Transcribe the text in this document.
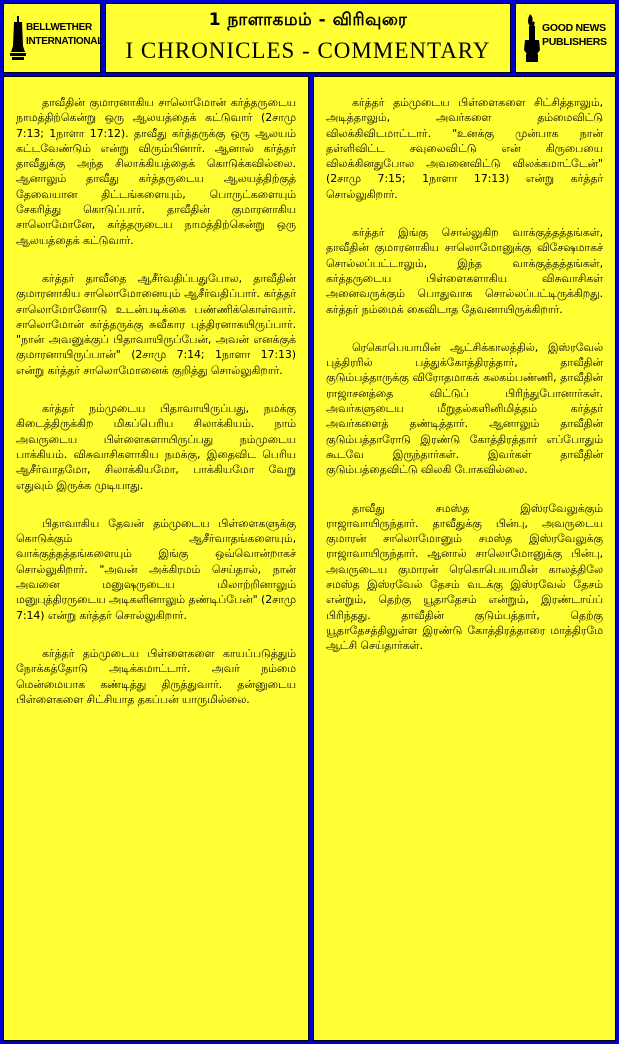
BELLWETHER
INTERNATIONAL
1 நாளாகமம் - விரிவுரை
I CHRONICLES - COMMENTARY
GOOD NEWS
PUBLISHERS

தாவீதின் குமாரனாகிய சாலொமோன் கர்த்தருடைய நாமத்திற்கென்று ஒரு ஆலயத்தைக் கட்டுவார் (2சாமு 7:13; 1நாளா 17:12). தாவீது கர்த்தருக்கு ஒரு ஆலயம் கட்டவேண்டும் என்று விரும்பினார். ஆனால் கர்த்தர் தாவீதுக்கு அந்த சிலாக்கியத்தைக் கொடுக்கவில்லை. ஆனாலும் தாவீது கர்த்தருடைய ஆலயத்திற்குத் தேவையான திட்டங்களையும், பொருட்களையும் சேகரித்து கொடுப்பார். தாவீதின் குமாரனாகிய சாலொமோனே, கர்த்தருடைய நாமத்திற்கென்று ஒரு ஆலயத்தைக் கட்டுவார்.

கர்த்தர் தாவீதை ஆசீர்வதிப்பதுபோல, தாவீதின் குமாரனாகிய சாலொமோனையும் ஆசீர்வதிப்பார். கர்த்தர் சாலொமோனோடு உடன்படிக்கை பண்ணிக்கொள்வார். சாலொமோன் கர்த்தருக்கு சுவீகார புத்திரனாகயிருப்பார். "நான் அவனுக்குப் பிதாவாயிருப்பேன், அவன் எனக்குக் குமாரனாயிருப்பான்" (2சாமு 7:14; 1நாளா 17:13) என்று கர்த்தர் சாலொமோனைக் குறித்து சொல்லுகிறார்.

கர்த்தர் நம்முடைய பிதாவாயிருப்பது, நமக்கு கிடைத்திருக்கிற மிகப்பெரிய சிலாக்கியம். நாம் அவருடைய பிள்ளைகளாயிருப்பது நம்முடைய பாக்கியம். விசுவாசிகளாகிய நமக்கு, இதைவிட பெரிய ஆசீர்வாதமோ, சிலாக்கியமோ, பாக்கியமோ வேறு எதுவும் இருக்க முடியாது.

பிதாவாகிய தேவன் தம்முடைய பிள்ளைகளுக்கு கொடுக்கும் ஆசீர்வாதங்களையும், வாக்குத்தத்தங்களையும் இங்கு ஒவ்வொன்றாகச் சொல்லுகிறார். "அவன் அக்கிரமம் செய்தால், நான் அவனை மனுஷருடைய மிலாற்றினாலும் மனுபுத்திரருடைய அடிகளினாலும் தண்டிப்பேன்" (2சாமு 7:14) என்று கர்த்தர் சொல்லுகிறார்.

கர்த்தர் தம்முடைய பிள்ளைகளை காயப்படுத்தும் நோக்கத்தோடு அடிக்கமாட்டார். அவர் நம்மை மென்மையாக கண்டித்து திருத்துவார். தன்னுடைய பிள்ளைகளை சிட்சியாத தகப்பன் யாருமில்லை.

கர்த்தர் தம்முடைய பிள்ளைகளை சிட்சித்தாலும், அடித்தாலும், அவர்களை தம்மைவிட்டு விலக்கிவிடமாட்டார். "உனக்கு முன்பாக நான் தள்ளிவிட்ட சவுலைவிட்டு என் கிருபையை விலக்கினதுபோல அவனைவிட்டு விலக்கமாட்டேன்" (2சாமு 7:15; 1நாளா 17:13) என்று கர்த்தர் சொல்லுகிறார்.

கர்த்தர் இங்கு சொல்லுகிற வாக்குத்தத்தங்கள், தாவீதின் குமாரனாகிய சாலொமோனுக்கு விசேஷமாகச் சொல்லப்பட்டாலும், இந்த வாக்குத்தத்தங்கள், கர்த்தருடைய பிள்ளைகளாகிய விசுவாசிகள் அனைவருக்கும் பொதுவாக சொல்லப்பட்டிருக்கிறது. கர்த்தர் நம்மைக் கைவிடாத தேவனாயிருக்கிறார்.

ரெகொபெயாமின் ஆட்சிக்காலத்தில், இஸ்ரவேல் புத்திரரில் பத்துக்கோத்திரத்தார், தாவீதின் குடும்பத்தாருக்கு விரோதமாகக் கலகம்பண்ணி, தாவீதின் ராஜாசனத்தை விட்டுப் பிரிந்துபோனார்கள். அவர்களுடைய மீறுதல்களினிமித்தம் கர்த்தர் அவர்களைத் தண்டித்தார். ஆனாலும் தாவீதின் குடும்பத்தாரோடு இரண்டு கோத்திரத்தார் எப்போதும் கூடவே இருந்தார்கள். இவர்கள் தாவீதின் குடும்பத்தைவிட்டு விலகி போகவில்லை.

தாவீது சமஸ்த இஸ்ரவேலுக்கும் ராஜாவாயிருந்தார். தாவீதுக்கு பின்பு, அவருடைய குமாரன் சாலொமோனும் சமஸ்த இஸ்ரவேலுக்கு ராஜாவாயிருந்தார். ஆனால் சாலொமோனுக்கு பின்பு, அவருடைய குமாரன் ரெகொபெயாமின் காலத்திலே சமஸ்த இஸ்ரவேல் தேசம் வடக்கு இஸ்ரவேல் தேசம் என்றும், தெற்கு யூதாதேசம் என்றும், இரண்டாய்ப் பிரிந்தது. தாவீதின் குடும்பத்தார், தெற்கு யூதாதேசத்திலுள்ள இரண்டு கோத்திரத்தாரை மாத்திரமே ஆட்சி செய்தார்கள்.
